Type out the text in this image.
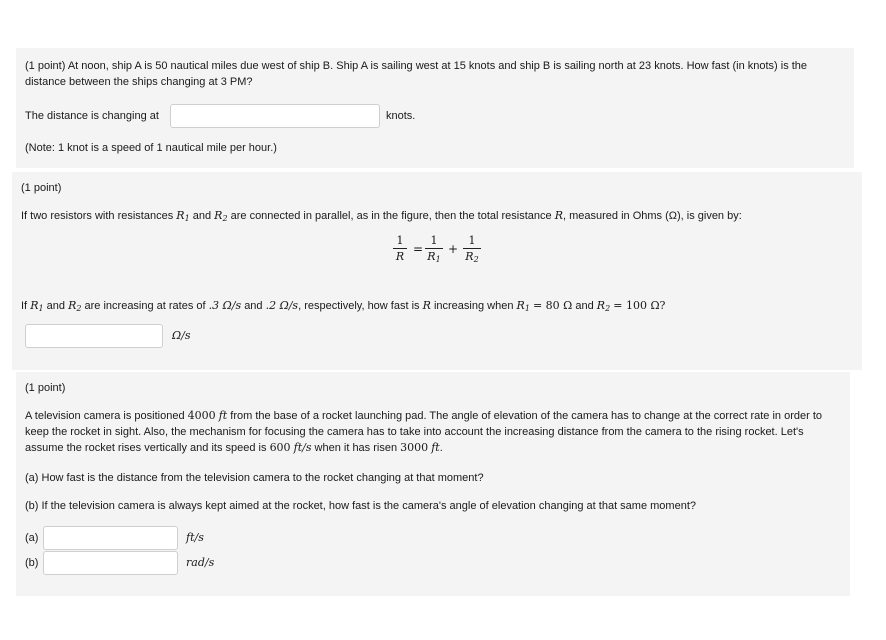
(1 point) At noon, ship A is 50 nautical miles due west of ship B. Ship A is sailing west at 15 knots and ship B is sailing north at 23 knots. How fast (in knots) is the distance between the ships changing at 3 PM?
The distance is changing at	knots.
(Note: 1 knot is a speed of 1 nautical mile per hour.)
(1 point)
If two resistors with resistances $R_1$ and $R_2$ are connected in parallel, as in the figure, then the total resistance R, measured in Ohms (Ω), is given by:
1
R
=
1
$R_1$
+
1
$R_2$
If $R_1$ and $R_2$ are increasing at rates of .3 Ω/s and .2 Ω/s, respectively, how fast is R increasing when $R_1 = 80$ Ω and $R_2 = 100$ Ω?
Ω/s
(1 point)
A television camera is positioned 4000 ft from the base of a rocket launching pad. The angle of elevation of the camera has to change at the correct rate in order to keep the rocket in sight. Also, the mechanism for focusing the camera has to take into account the increasing distance from the camera to the rising rocket. Let's assume the rocket rises vertically and its speed is 600 ft/s when it has risen 3000 ft.
(a) How fast is the distance from the television camera to the rocket changing at that moment?
(b) If the television camera is always kept aimed at the rocket, how fast is the camera's angle of elevation changing at that same moment?
(a)	ft/s
(b)	rad/s
